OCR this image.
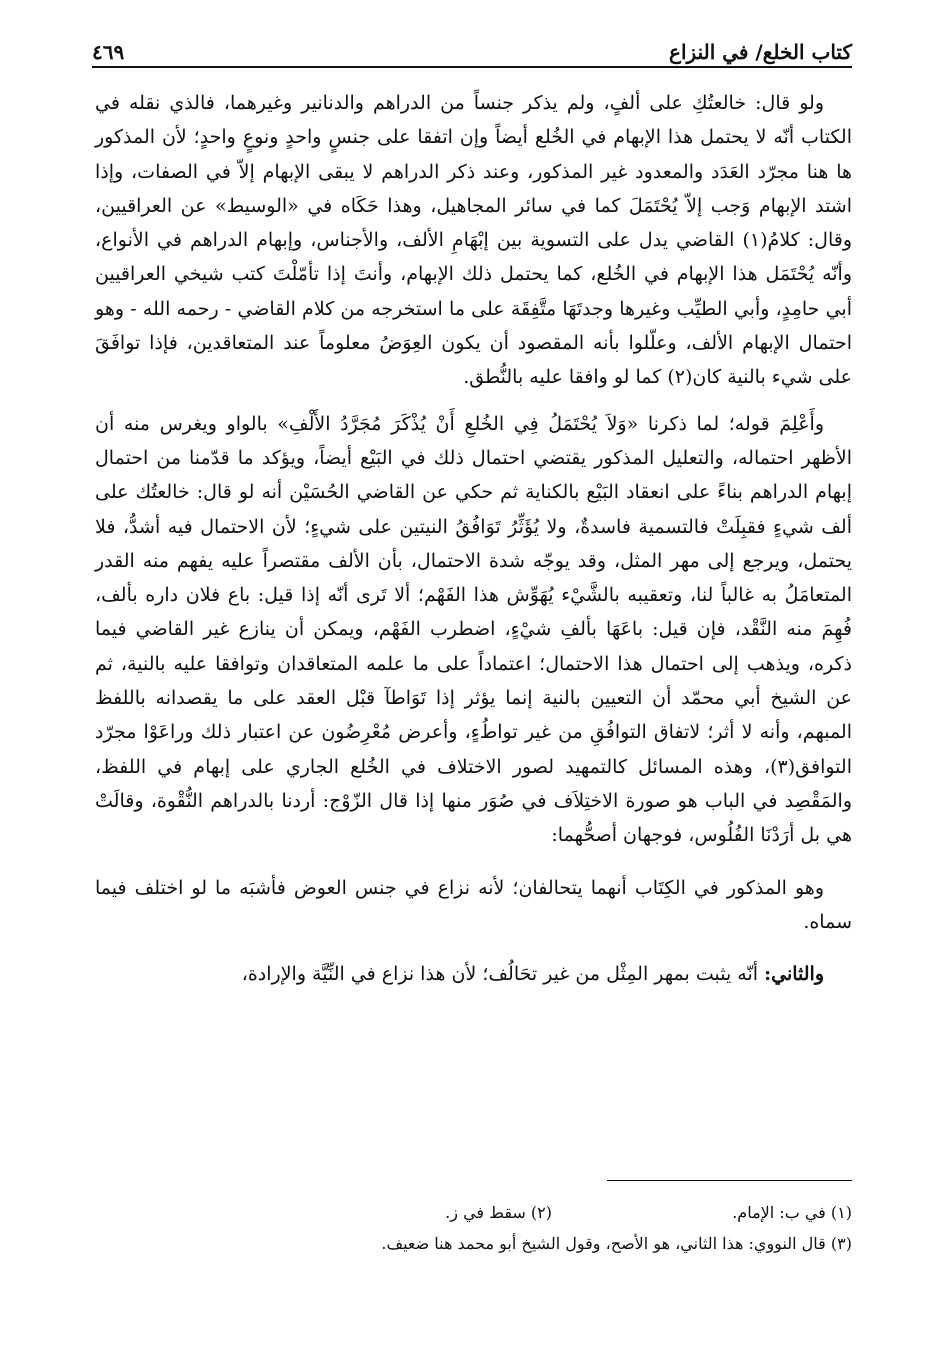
كتاب الخلع/ في النزاع
٤٦٩

ولو قال: خالعتُكِ على ألفٍ، ولم يذكر جنساً من الدراهم والدنانير وغيرهما، فالذي نقله في الكتاب أنّه لا يحتمل هذا الإبهام في الخُلع أيضاً وإن اتفقا على جنسٍ واحدٍ ونوعٍ واحدٍ؛ لأن المذكور ها هنا مجرّد العَدَد والمعدود غير المذكور، وعند ذكر الدراهم لا يبقى الإبهام إلاّ في الصفات، وإذا اشتد الإبهام وَجب إلاّ يُحْتَمَلَ كما في سائر المجاهيل، وهذا حَكَاه في «الوسيط» عن العراقيين، وقال: كلامُ(١) القاضي يدل على التسوية بين إبْهَامِ الألف، والأجناس، وإبهام الدراهم في الأنواع، وأنّه يُحْتَمَل هذا الإبهام في الخُلع، كما يحتمل ذلك الإبهام، وأنتَ إذا تأمّلْتَ كتب شيخي العراقيين أبي حامِدٍ، وأبي الطيِّب وغيرها وجدتَهَا متَّفِقَة على ما استخرجه من كلام القاضي - رحمه الله - وهو احتمال الإبهام الألف، وعلّلوا بأنه المقصود أن يكون العِوَضُ معلوماً عند المتعاقدين، فإذا توافَقَ على شيء بالنية كان(٢) كما لو وافقا عليه بالنُّطق.

وأَعْلِمَ قوله؛ لما ذكرنا «وَلاَ يُحْتَمَلُ فِي الخُلعِ أَنْ يُذْكَرَ مُجَرَّدُ الأَلْفِ» بالواو ويغرس منه أن الأظهر احتماله، والتعليل المذكور يقتضي احتمال ذلك في البَيْع أيضاً، ويؤكد ما قدّمنا من احتمال إبهام الدراهم بناءً على انعقاد البَيْع بالكناية ثم حكي عن القاضي الحُسَيْن أنه لو قال: خالعتُك على ألف شيءٍ فقبِلَتْ فالتسمية فاسدةٌ، ولا يُؤَثِّرُ تَوَافُقُ النيتين على شيءٍ؛ لأن الاحتمال فيه أشدُّ، فلا يحتمل، ويرجع إلى مهر المثل، وقد يوجّه شدة الاحتمال، بأن الألف مقتصراً عليه يفهم منه القدر المتعامَلُ به غالباً لنا، وتعقيبه بالشَّيْء يُهَوِّش هذا الفَهْم؛ ألا تَرى أنّه إذا قيل: باع فلان داره بألف، فُهِمَ منه النَّقْد، فإن قيل: باعَهَا بألفِ شيْءٍ، اضطرب الفَهْم، ويمكن أن ينازع غير القاضي فيما ذكره، ويذهب إلى احتمال هذا الاحتمال؛ اعتماداً على ما علمه المتعاقدان وتوافقا عليه بالنية، ثم عن الشيخ أبي محمّد أن التعيين بالنية إنما يؤثر إذا تَوَاطآ قبْل العقد على ما يقصدانه باللفظ المبهم، وأنه لا أثر؛ لاتفاق التوافُقِ من غير تواطُءٍ، وأعرض مُعْرِضُون عن اعتبار ذلك وراعَوْا مجرّد التوافق(٣)، وهذه المسائل كالتمهيد لصور الاختلاف في الخُلع الجاري على إبهام في اللفظ، والمَقْصِد في الباب هو صورة الاختِلاَف في صُوَر منها إذا قال الزّوْج: أردنا بالدراهم النُّقْوة، وقالَتْ هي بل أرَدْنَا الفُلُوس، فوجهان أصحُّهما:

وهو المذكور في الكِتَاب أنهما يتحالفان؛ لأنه نزاع في جنس العوض فأشبَه ما لو اختلف فيما سماه.

والثاني: أنّه يثبت بمهر المِثْل من غير تحَالُف؛ لأن هذا نزاع في النِّيَّة والإرادة،

(١) في ب: الإمام.
(٢) سقط في ز.
(٣) قال النووي: هذا الثاني، هو الأصح، وقول الشيخ أبو محمد هنا ضعيف.
